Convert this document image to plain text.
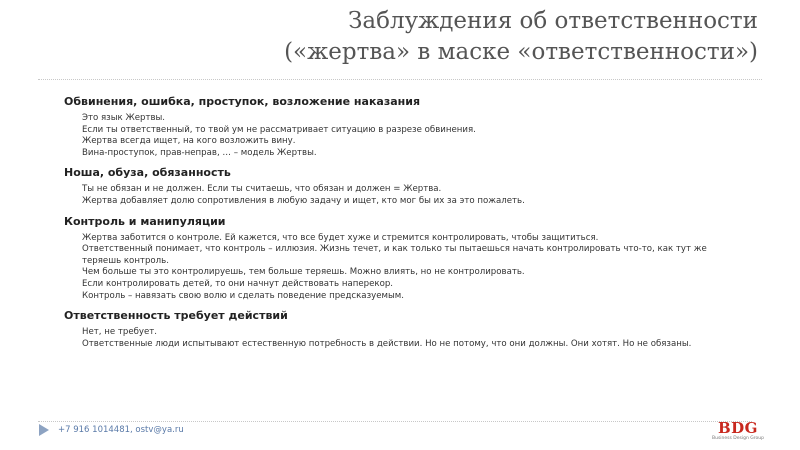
Заблуждения об ответственности
(«жертва» в маске «ответственности»)
Обвинения, ошибка, проступок, возложение наказания
Это язык Жертвы.
Если ты ответственный, то твой ум не рассматривает ситуацию в разрезе обвинения.
Жертва всегда ищет, на кого возложить вину.
Вина-проступок, прав-неправ, … – модель Жертвы.
Ноша, обуза, обязанность
Ты не обязан и не должен. Если ты считаешь, что обязан и должен = Жертва.
Жертва добавляет долю сопротивления в любую задачу и ищет, кто мог бы их за это пожалеть.
Контроль и манипуляции
Жертва заботится о контроле. Ей кажется, что все будет хуже и стремится контролировать, чтобы защититься.
Ответственный понимает, что контроль – иллюзия. Жизнь течет, и как только ты пытаешься начать контролировать что-то, как тут же теряешь контроль.
Чем больше ты это контролируешь, тем больше теряешь. Можно влиять, но не контролировать.
Если контролировать детей, то они начнут действовать наперекор.
Контроль – навязать свою волю и сделать поведение предсказуемым.
Ответственность требует действий
Нет, не требует.
Ответственные люди испытывают естественную потребность в действии. Но не потому, что они должны. Они хотят. Но не обязаны.
+7 916 1014481, ostv@ya.ru	BDG
Business Design Group
